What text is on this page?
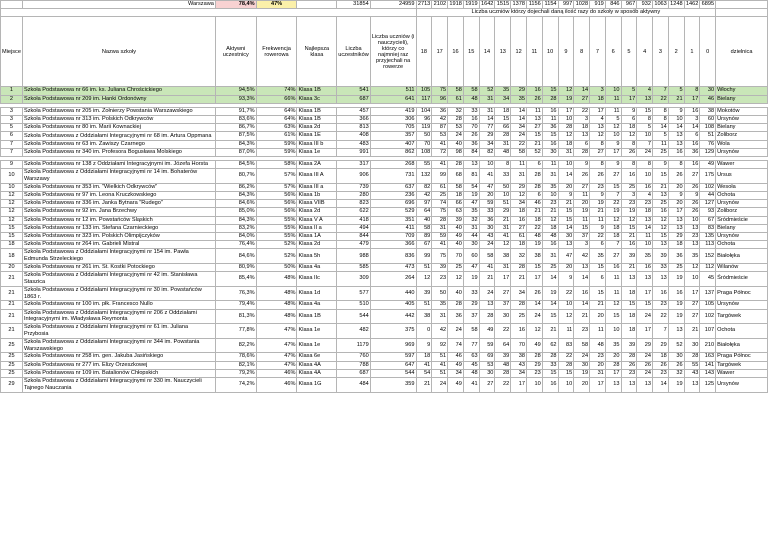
	Warszawa	78,4%	47%		31854	24959	2713	2102	1918	1919	1642	1515	1378	1156	1154	997	1028	919	846	967	932	1063	1248	1462	6895	
							Liczba uczniów którzy dojechali daną ilość razy do szkoły w sposób aktywny																			
Miejsce	Nazwa szkoły	Aktywni uczestnicy	Frekwencja rowerowa	Najlepsza klasa	Liczba uczestników	Liczba uczniów (i nauczycieli), którzy co najmniej raz przyjechali na rowerze	18	17	16	15	14	13	12	11	10	9	8	7	6	5	4	3	2	1	0	dzielnica
1	Szkoła Podstawowa nr 66 im. ks. Juliana Chrościckiego	94,5%	74%	Klasa 1B	541	511	105	75	58	58	52	35	29	16	15	12	14	3	10	5	4	7	5	8	30	Włochy
2	Szkoła Podstawowa nr 209 im. Hanki Ordonówny	93,3%	66%	Klasa 3c	687	641	117	96	61	48	31	34	35	26	28	19	27	18	11	17	13	22	21	17	46	Bielany

3	Szkoła Podstawowa nr 205 im. Żołnierzy Powstania Warszawskiego	91,7%	64%	Klasa 1B	457	419	104	36	32	33	31	18	14	11	16	17	22	17	11	9	15	8	9	16	38	Mokotów
3	Szkoła Podstawowa nr 313 im. Polskich Odkrywców	83,6%	64%	Klasa 1B	366	306	96	42	28	16	14	15	14	13	11	10	3	4	5	6	8	8	10	3	60	Ursynów
5	Szkoła Podstawowa nr 80 im. Marii Kownackiej	86,7%	63%	Klasa 2d	813	705	119	87	53	70	77	66	34	27	36	28	18	13	12	18	5	14	14	14	108	Bielany
6	Szkoła Podstawowa z Oddziałami Integracyjnymi nr 68 im. Artura Oppmana	87,5%	61%	Klasa 1E	408	357	50	53	24	26	29	28	24	15	15	12	13	12	10	12	10	5	13	6	51	Żoliborz
7	Szkoła Podstawowa nr 63 im. Zawiszy Czarnego	84,3%	59%	Klasa III b	483	407	70	41	40	36	34	31	22	21	16	18	6	8	9	8	7	11	13	16	76	Wola
7	Szkoła Podstawowa nr 340 im. Profesora Bogusława Molskiego	87,0%	59%	Klasa 1e	991	862	108	72	98	84	82	48	58	52	30	31	28	27	17	26	24	25	16	36	129	Ursynów

9	Szkoła Podstawowa nr 138 z Oddziałami Integracyjnymi im. Józefa Horsta	84,5%	58%	Klasa 2A	317	268	55	41	28	13	10	8	11	6	11	10	9	8	9	8	8	9	8	16	49	Wawer
10	Szkoła Podstawowa z Oddziałami Integracyjnymi nr 14 im. Bohaterów Warszawy	80,7%	57%	Klasa III A	906	731	132	99	68	81	41	33	31	28	31	14	26	26	27	16	10	15	26	27	175	Ursus
10	Szkoła Podstawowa nr 353 im. "Wielkich Odkrywców"	86,2%	57%	Klasa III a	739	637	82	61	58	54	47	50	29	28	35	20	27	23	15	25	16	21	20	26	102	Wesoła
12	Szkoła Podstawowa nr 97 im. Leona Kruczkowskiego	84,3%	56%	Klasa 1b	280	236	42	25	18	19	20	10	12	6	10	9	11	9	7	3	4	13	9	9	44	Ochota
12	Szkoła Podstawowa nr 336 im. Janka Bytnara "Rudego"	84,6%	56%	Klasa VIIB	823	696	97	74	66	47	59	51	34	46	23	21	20	19	22	23	23	25	20	26	127	Ursynów
12	Szkoła Podstawowa nr 92 im. Jana Brzechwy	85,0%	56%	Klasa 2d	622	529	64	75	63	35	33	29	18	21	21	15	19	21	19	19	18	16	17	26	93	Żoliborz
12	Szkoła Podstawowa nr 12 im. Powstańców Śląskich	84,3%	55%	Klasa V A	418	351	40	28	39	32	36	21	16	18	12	15	11	11	12	12	13	12	13	10	67	Śródmieście
15	Szkoła Podstawowa nr 133 im. Stefana Czarnieckiego	83,2%	55%	Klasa II a	494	411	58	31	40	31	30	31	27	22	18	14	15	9	18	15	14	12	13	13	83	Bielany
15	Szkoła Podstawowa nr 323 im. Polskich Olimpijczyków	84,0%	55%	Klasa 1A	844	709	89	59	49	44	43	41	61	48	48	30	37	22	18	21	11	15	29	23	135	Ursynów
18	Szkoła Podstawowa nr 264 im. Gabrieli Mistral	76,4%	52%	Klasa 2d	479	366	67	41	40	30	24	12	18	19	16	13	3	6	7	16	10	13	18	13	113	Ochota
18	Szkoła Podstawowa z Oddziałami Integracyjnymi nr 154 im. Pawła Edmunda Strzeleckiego	84,6%	52%	Klasa 5h	988	836	99	75	70	60	58	38	32	38	31	47	42	35	27	39	35	39	36	35	152	Białołęka
20	Szkoła Podstawowa nr 261 im. St. Kostki Potockiego	80,9%	50%	Klasa 4a	585	473	51	39	25	47	41	31	28	15	25	20	13	15	16	21	16	33	25	12	112	Wilanów
21	Szkoła Podstawowa z Oddziałami Integracyjnymi nr 42 im. Stanisława Staszica	85,4%	48%	Klasa IIc	309	264	12	23	12	19	21	17	21	17	14	9	14	6	11	13	13	13	19	10	45	Śródmieście
21	Szkoła Podstawowa z Oddziałami Integracyjnymi nr 30 im. Powstańców 1863 r.	76,3%	48%	Klasa 1d	577	440	39	50	40	33	24	27	34	26	19	22	16	15	11	18	17	16	16	17	137	Praga Północ
21	Szkoła Podstawowa nr 100 im. płk. Francesco Nullo	79,4%	48%	Klasa 4a	510	405	51	35	28	29	13	37	28	14	14	10	14	21	12	15	15	23	19	27	105	Ursynów
21	Szkoła Podstawowa z Oddziałami Integracyjnymi nr 206 z Oddziałami Integracyjnymi im. Władysława Reymonta	81,3%	48%	Klasa 1B	544	442	38	31	36	37	28	30	25	24	15	12	21	20	15	18	24	22	19	27	102	Targówek
21	Szkoła Podstawowa z Oddziałami Integracyjnymi nr 61 im. Juliana Przybosia	77,8%	47%	Klasa 1e	482	375	0	42	24	58	49	22	16	12	21	11	23	11	10	18	17	7	13	21	107	Ochota
25	Szkoła Podstawowa z Oddziałami Integracyjnymi nr 344 im. Powstania Warszawskiego	82,2%	47%	Klasa 1e	1179	969	9	92	74	77	59	64	70	49	62	83	58	48	35	39	29	29	52	30	210	Białołęka
25	Szkoła Podstawowa nr 258 im. gen. Jakuba Jasińskiego	78,6%	47%	Klasa 6e	760	597	18	51	46	63	69	39	38	28	28	22	24	23	20	28	24	18	30	28	163	Praga Północ
25	Szkoła Podstawowa nr 277 im. Elizy Orzeszkowej	82,1%	47%	Klasa 4A	788	647	41	41	49	45	53	48	43	29	33	28	30	20	28	26	26	26	26	55	141	Targówek
25	Szkoła Podstawowa nr 109 im. Batalionów Chłopskich	79,2%	46%	Klasa 4A	687	544	54	51	34	48	30	28	34	23	15	15	19	31	17	23	24	23	32	43	143	Wawer
29	Szkoła Podstawowa z Oddziałami Integracyjnymi nr 330 im. Nauczycieli Tajnego Nauczania	74,2%	46%	Klasa 1G	484	359	21	24	49	41	27	22	17	10	16	10	20	17	13	13	13	14	19	13	125	Ursynów
